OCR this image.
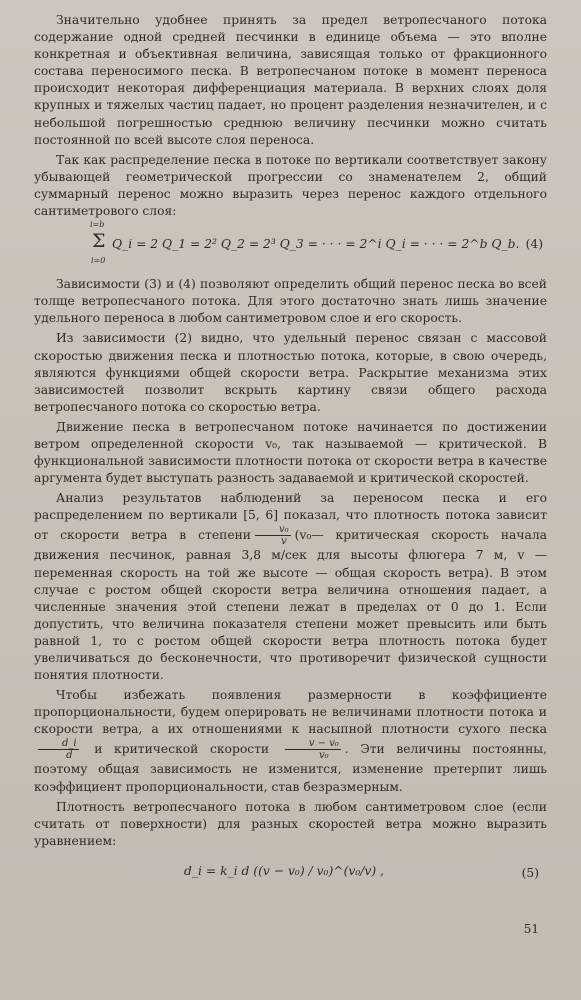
Значительно удобнее принять за предел ветропесчаного потока содержание одной средней песчинки в единице объема — это вполне конкретная и объективная величина, зависящая только от фракционного состава переносимого песка. В ветропесчаном потоке в момент переноса происходит некоторая дифференциация материала. В верхних слоях доля крупных и тяжелых частиц падает, но процент разделения незначителен, и с небольшой погрешностью среднюю величину песчинки можно считать постоянной по всей высоте слоя переноса.

Так как распределение песка в потоке по вертикали соответствует закону убывающей геометрической прогрессии со знаменателем 2, общий суммарный перенос можно выразить через перенос каждого отдельного сантиметрового слоя:

i=b
Σ
i=0
Q_i = 2 Q_1 = 2² Q_2 = 2³ Q_3 = · · · = 2^i Q_i = · · · = 2^b Q_b. (4)

Зависимости (3) и (4) позволяют определить общий перенос песка во всей толще ветропесчаного потока. Для этого достаточно знать лишь значение удельного переноса в любом сантиметровом слое и его скорость.

Из зависимости (2) видно, что удельный перенос связан с массовой скоростью движения песка и плотностью потока, которые, в свою очередь, являются функциями общей скорости ветра. Раскрытие механизма этих зависимостей позволит вскрыть картину связи общего расхода ветропесчаного потока со скоростью ветра.

Движение песка в ветропесчаном потоке начинается по достижении ветром определенной скорости v₀, так называемой — критической. В функциональной зависимости плотности потока от скорости ветра в качестве аргумента будет выступать разность задаваемой и критической скоростей.

Анализ результатов наблюдений за переносом песка и его распределением по вертикали [5, 6] показал, что плотность потока зависит от скорости ветра в степени $\frac{\text{v₀}}{v}$ (v₀— критическая скорость начала движения песчинок, равная 3,8 м/сек для высоты флюгера 7 м, v — переменная скорость на той же высоте — общая скорость ветра). В этом случае с ростом общей скорости ветра величина отношения падает, а численные значения этой степени лежат в пределах от 0 до 1. Если допустить, что величина показателя степени может превысить или быть равной 1, то с ростом общей скорости ветра плотность потока будет увеличиваться до бесконечности, что противоречит физической сущности понятия плотности.

Чтобы избежать появления размерности в коэффициенте пропорциональности, будем оперировать не величинами плотности потока и скорости ветра, а их отношениями к насыпной плотности сухого песка
$\frac{d\_i}{d}$ и критической скорости $\frac{\text{v − v₀}}{\text{v₀}}$ . Эти величины постоянны, поэтому общая зависимость не изменится, изменение претерпит лишь коэффициент пропорциональности, став безразмерным.

Плотность ветропесчаного потока в любом сантиметровом слое (если считать от поверхности) для разных скоростей ветра можно выразить уравнением:

d_i = k_i d ((v − v₀) / v₀)^(v₀/v) ,	(5)
51
